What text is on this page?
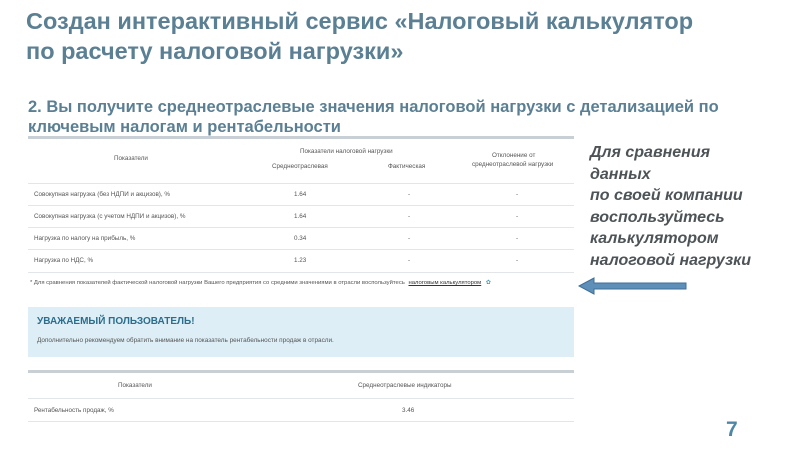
Создан интерактивный сервис «Налоговый калькулятор по расчету налоговой нагрузки»
2. Вы получите среднеотраслевые значения налоговой нагрузки с детализацией по ключевым налогам и рентабельности
Показатели
Показатели налоговой нагрузки
Среднеотраслевая	Фактическая
Отклонение от
среднеотраслевой нагрузки
Совокупная нагрузка (без НДПИ и акцизов), %	1.64	-	-
Совокупная нагрузка (с учетом НДПИ и акцизов), %	1.64	-	-
Нагрузка по налогу на прибыль, %	0.34	-	-
Нагрузка по НДС, %	1.23	-	-
* Для сравнения показателей фактической налоговой нагрузки Вашего предприятия со средними значениями в отрасли воспользуйтесь налоговым калькулятором ✿
УВАЖАЕМЫЙ ПОЛЬЗОВАТЕЛЬ!
Дополнительно рекомендуем обратить внимание на показатель рентабельности продаж в отрасли.
Показатели	Среднеотраслевые индикаторы
Рентабельность продаж, %	3.46
Для сравнения
данных
по своей компании
воспользуйтесь
калькулятором
налоговой нагрузки
7
